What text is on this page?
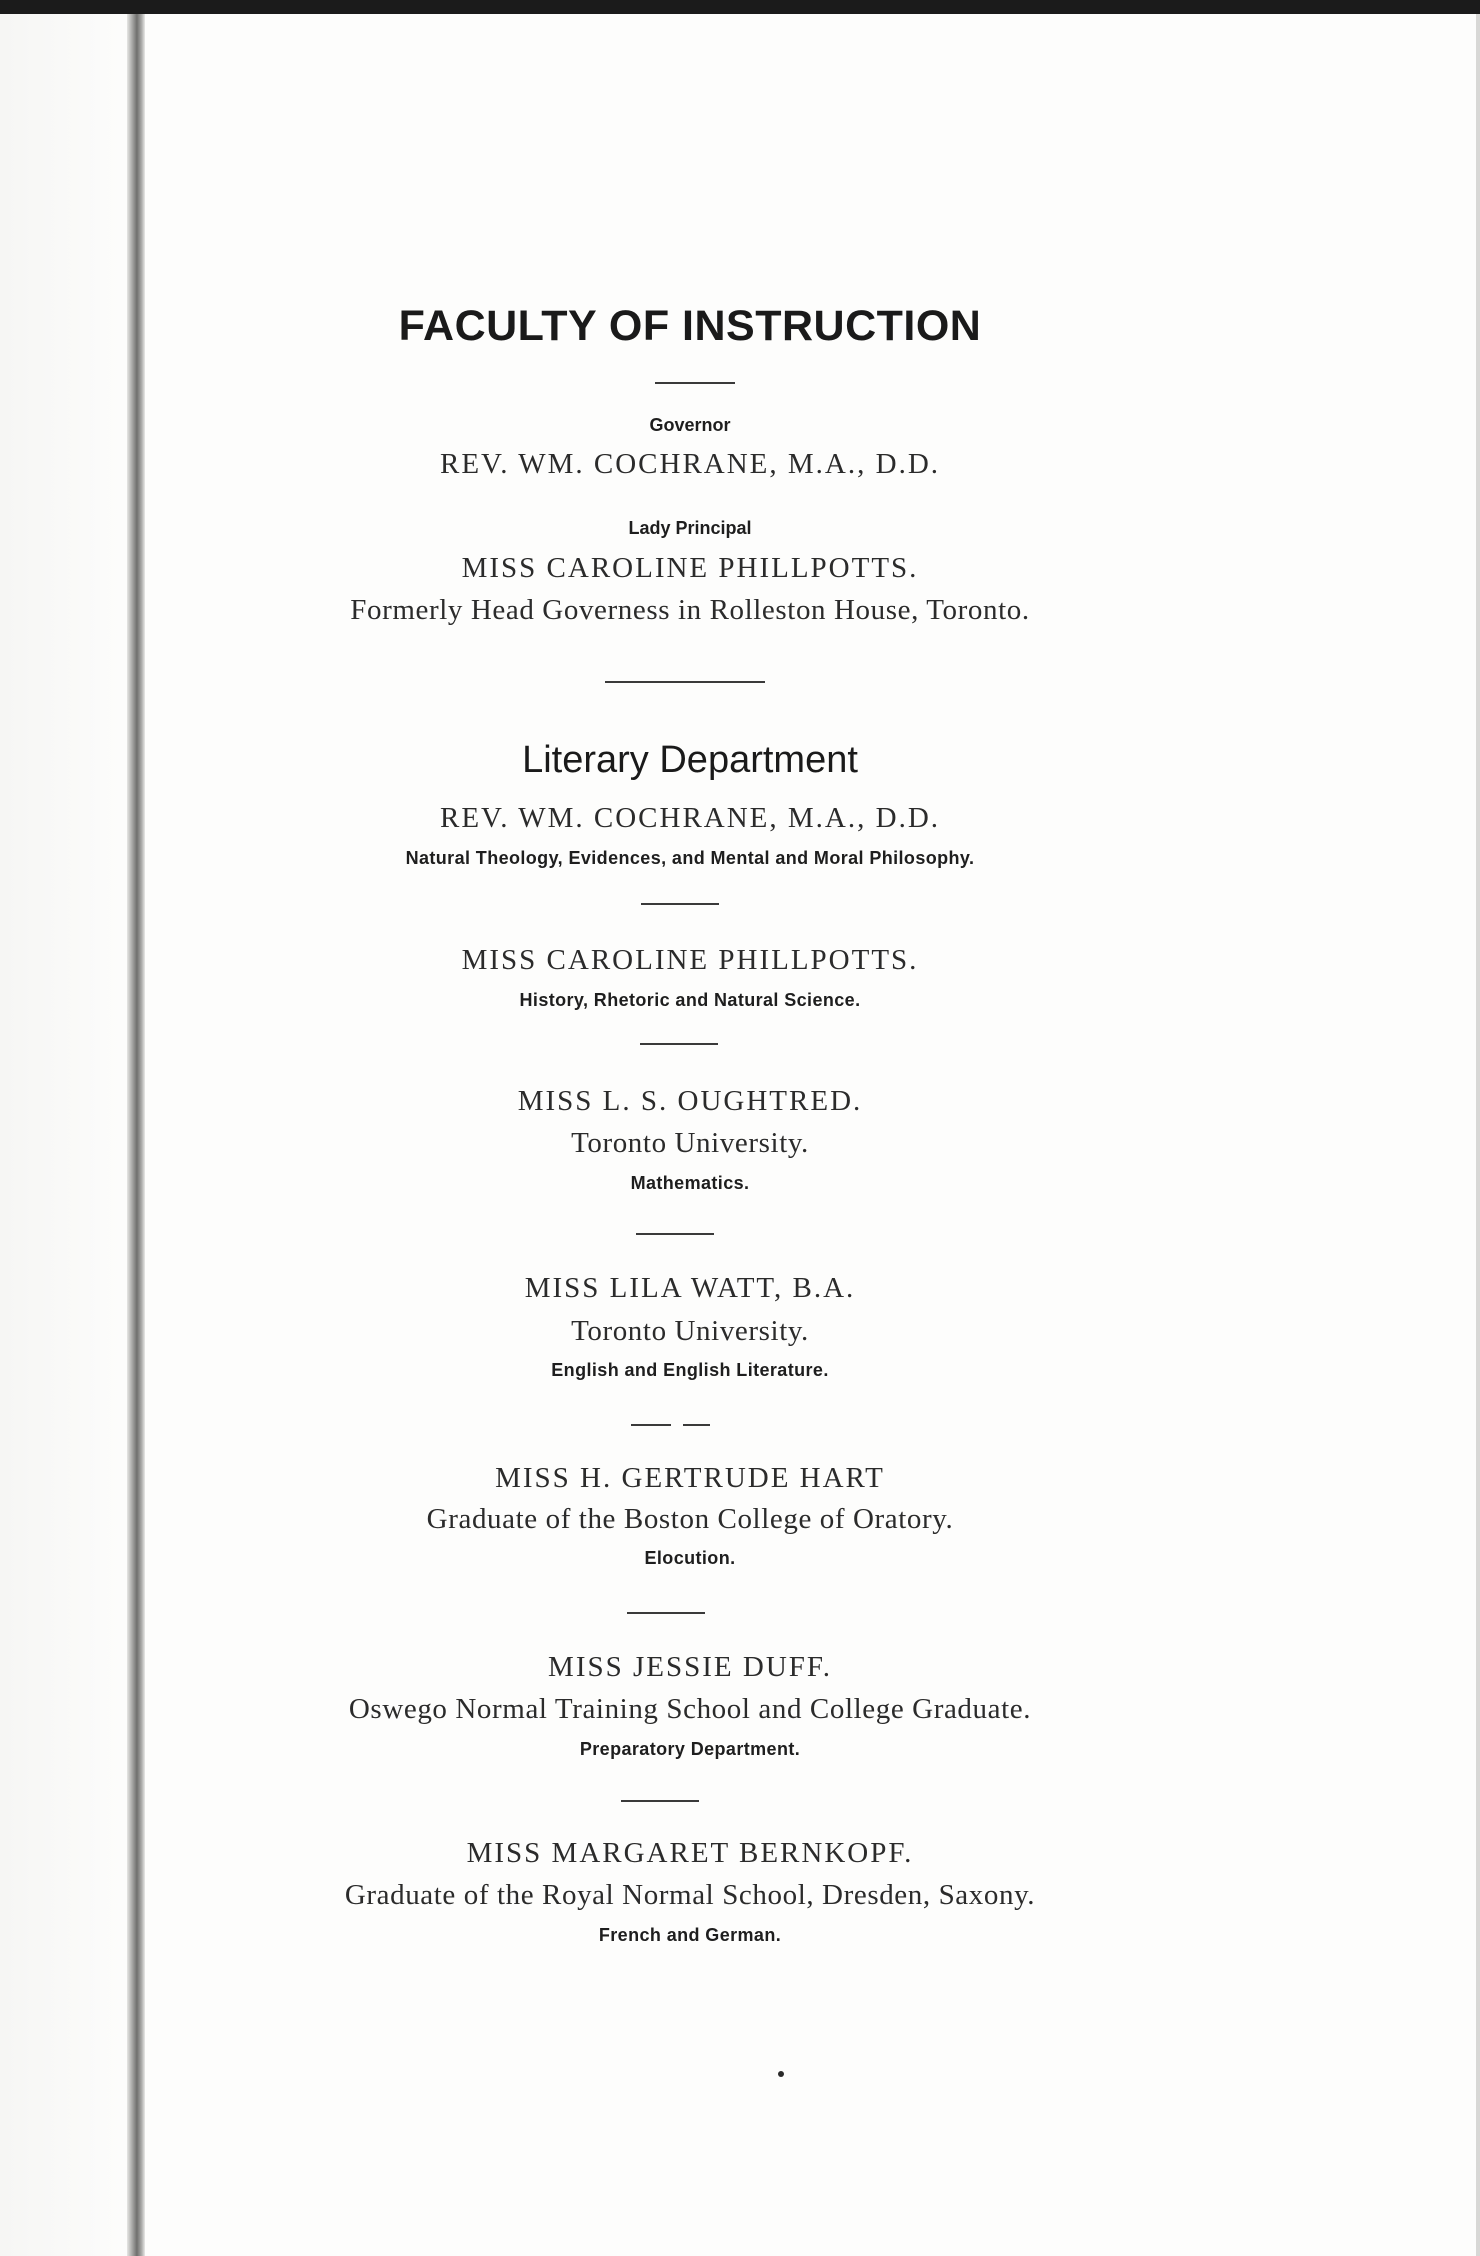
FACULTY OF INSTRUCTION
Governor
REV. WM. COCHRANE, M.A., D.D.
Lady Principal
MISS CAROLINE PHILLPOTTS.
Formerly Head Governess in Rolleston House, Toronto.
Literary Department
REV. WM. COCHRANE, M.A., D.D.
Natural Theology, Evidences, and Mental and Moral Philosophy.
MISS CAROLINE PHILLPOTTS.
History, Rhetoric and Natural Science.
MISS L. S. OUGHTRED.
Toronto University.
Mathematics.
MISS LILA WATT, B.A.
Toronto University.
English and English Literature.
MISS H. GERTRUDE HART
Graduate of the Boston College of Oratory.
Elocution.
MISS JESSIE DUFF.
Oswego Normal Training School and College Graduate.
Preparatory Department.
MISS MARGARET BERNKOPF.
Graduate of the Royal Normal School, Dresden, Saxony.
French and German.
